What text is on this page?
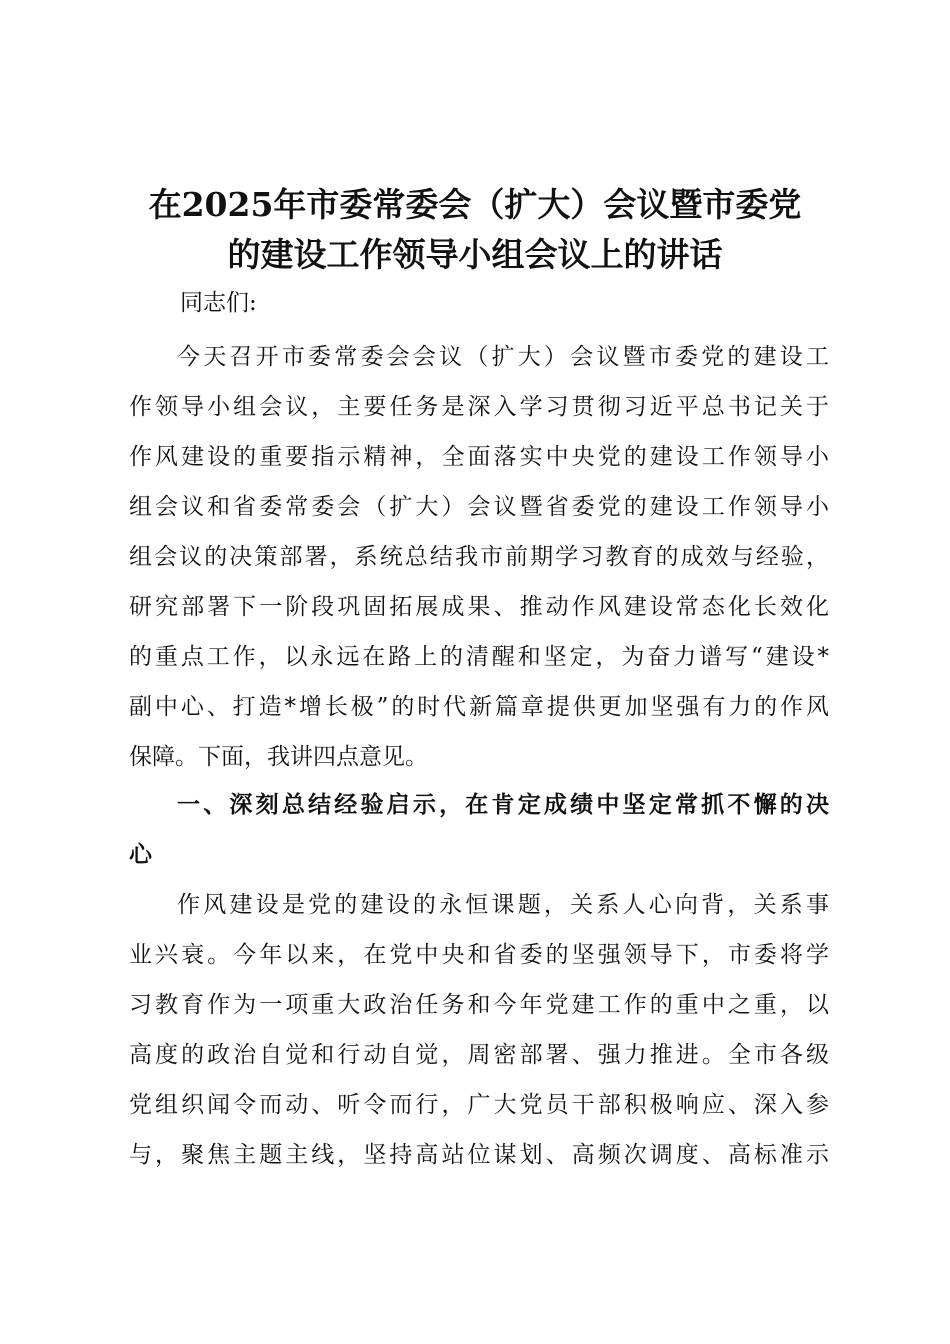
在2025年市委常委会（扩大）会议暨市委党
的建设工作领导小组会议上的讲话

同志们:

今天召开市委常委会会议（扩大）会议暨市委党的建设工
作领导小组会议，主要任务是深入学习贯彻习近平总书记关于
作风建设的重要指示精神，全面落实中央党的建设工作领导小
组会议和省委常委会（扩大）会议暨省委党的建设工作领导小
组会议的决策部署，系统总结我市前期学习教育的成效与经验，
研究部署下一阶段巩固拓展成果、推动作风建设常态化长效化
的重点工作，以永远在路上的清醒和坚定，为奋力谱写“建设*
副中心、打造*增长极”的时代新篇章提供更加坚强有力的作风
保障。下面，我讲四点意见。
一、深刻总结经验启示，在肯定成绩中坚定常抓不懈的决
心
作风建设是党的建设的永恒课题，关系人心向背，关系事
业兴衰。今年以来，在党中央和省委的坚强领导下，市委将学
习教育作为一项重大政治任务和今年党建工作的重中之重，以
高度的政治自觉和行动自觉，周密部署、强力推进。全市各级
党组织闻令而动、听令而行，广大党员干部积极响应、深入参
与，聚焦主题主线，坚持高站位谋划、高频次调度、高标准示
